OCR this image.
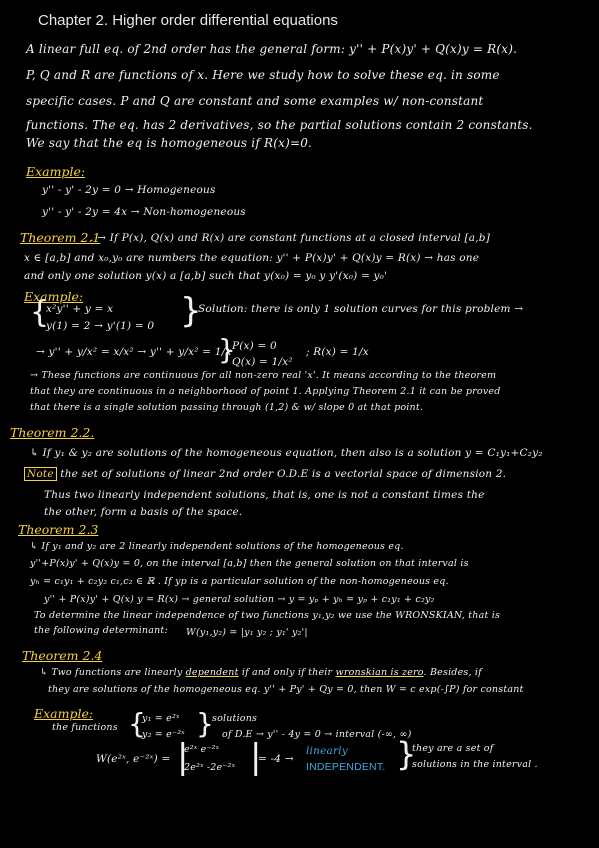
Chapter 2. Higher order differential equations
A linear full eq. of 2nd order has the general form: y'' + P(x)y' + Q(x)y = R(x).
P, Q and R are functions of x. Here we study how to solve these eq. in some
specific cases. P and Q are constant and some examples w/ non-constant
functions. The eq. has 2 derivatives, so the partial solutions contain 2 constants.
We say that the eq is homogeneous if R(x)=0.
Example:
y'' - y' - 2y = 0 → Homogeneous
y'' - y' - 2y = 4x → Non-homogeneous
Theorem 2.1
. → If P(x), Q(x) and R(x) are constant functions at a closed interval [a,b]
x ∈ [a,b] and x₀,y₀ are numbers the equation: y'' + P(x)y' + Q(x)y = R(x) → has one
and only one solution y(x) a [a,b] such that y(x₀) = y₀ y y'(x₀) = y₀'
Example:
{
x²y'' + y = x
y(1) = 2 → y'(1) = 0 }
Solution: there is only 1 solution curves for this problem →
→ y'' + y/x² = x/x² → y'' + y/x² = 1/x
}
P(x) = 0
Q(x) = 1/x²
; R(x) = 1/x
→ These functions are continuous for all non-zero real 'x'. It means according to the theorem
that they are continuous in a neighborhood of point 1. Applying Theorem 2.1 it can be proved
that there is a single solution passing through (1,2) & w/ slope 0 at that point.
Theorem 2.2.
↳ If y₁ & y₂ are solutions of the homogeneous equation, then also is a solution y = C₁y₁+C₂y₂
Note the set of solutions of linear 2nd order O.D.E is a vectorial space of dimension 2.
Thus two linearly independent solutions, that is, one is not a constant times the
the other, form a basis of the space.
Theorem 2.3
↳ If y₁ and y₂ are 2 linearly independent solutions of the homogeneous eq.
y''+P(x)y' + Q(x)y = 0, on the interval [a,b] then the general solution on that interval is
yₕ = c₁y₁ + c₂y₂ c₁,c₂ ∈ ℝ . If yp is a particular solution of the non-homogeneous eq.
y'' + P(x)y' + Q(x) y = R(x) → general solution → y = yₚ + yₕ = yₚ + c₁y₁ + c₂y₂
To determine the linear independence of two functions y₁,y₂ we use the WRONSKIAN, that is
the following determinant: W(y₁,y₂) = |y₁ y₂ ; y₁' y₂'|
Theorem 2.4
↳ Two functions are linearly dependent if and only if their wronskian is zero. Besides, if
they are solutions of the homogeneous eq. y'' + Py' + Qy = 0, then W = c exp(-∫P) for constant
Example:
the functions {
y₁ = e²ˣ
y₂ = e⁻²ˣ }
solutions
of D.E → y'' - 4y = 0 → interval (-∞, ∞)
W(e²ˣ, e⁻²ˣ) = |
e²ˣ e⁻²ˣ
2e²ˣ -2e⁻²ˣ |
= -4 →
linearly
INDEPENDENT. }
they are a set of
solutions in the interval .
